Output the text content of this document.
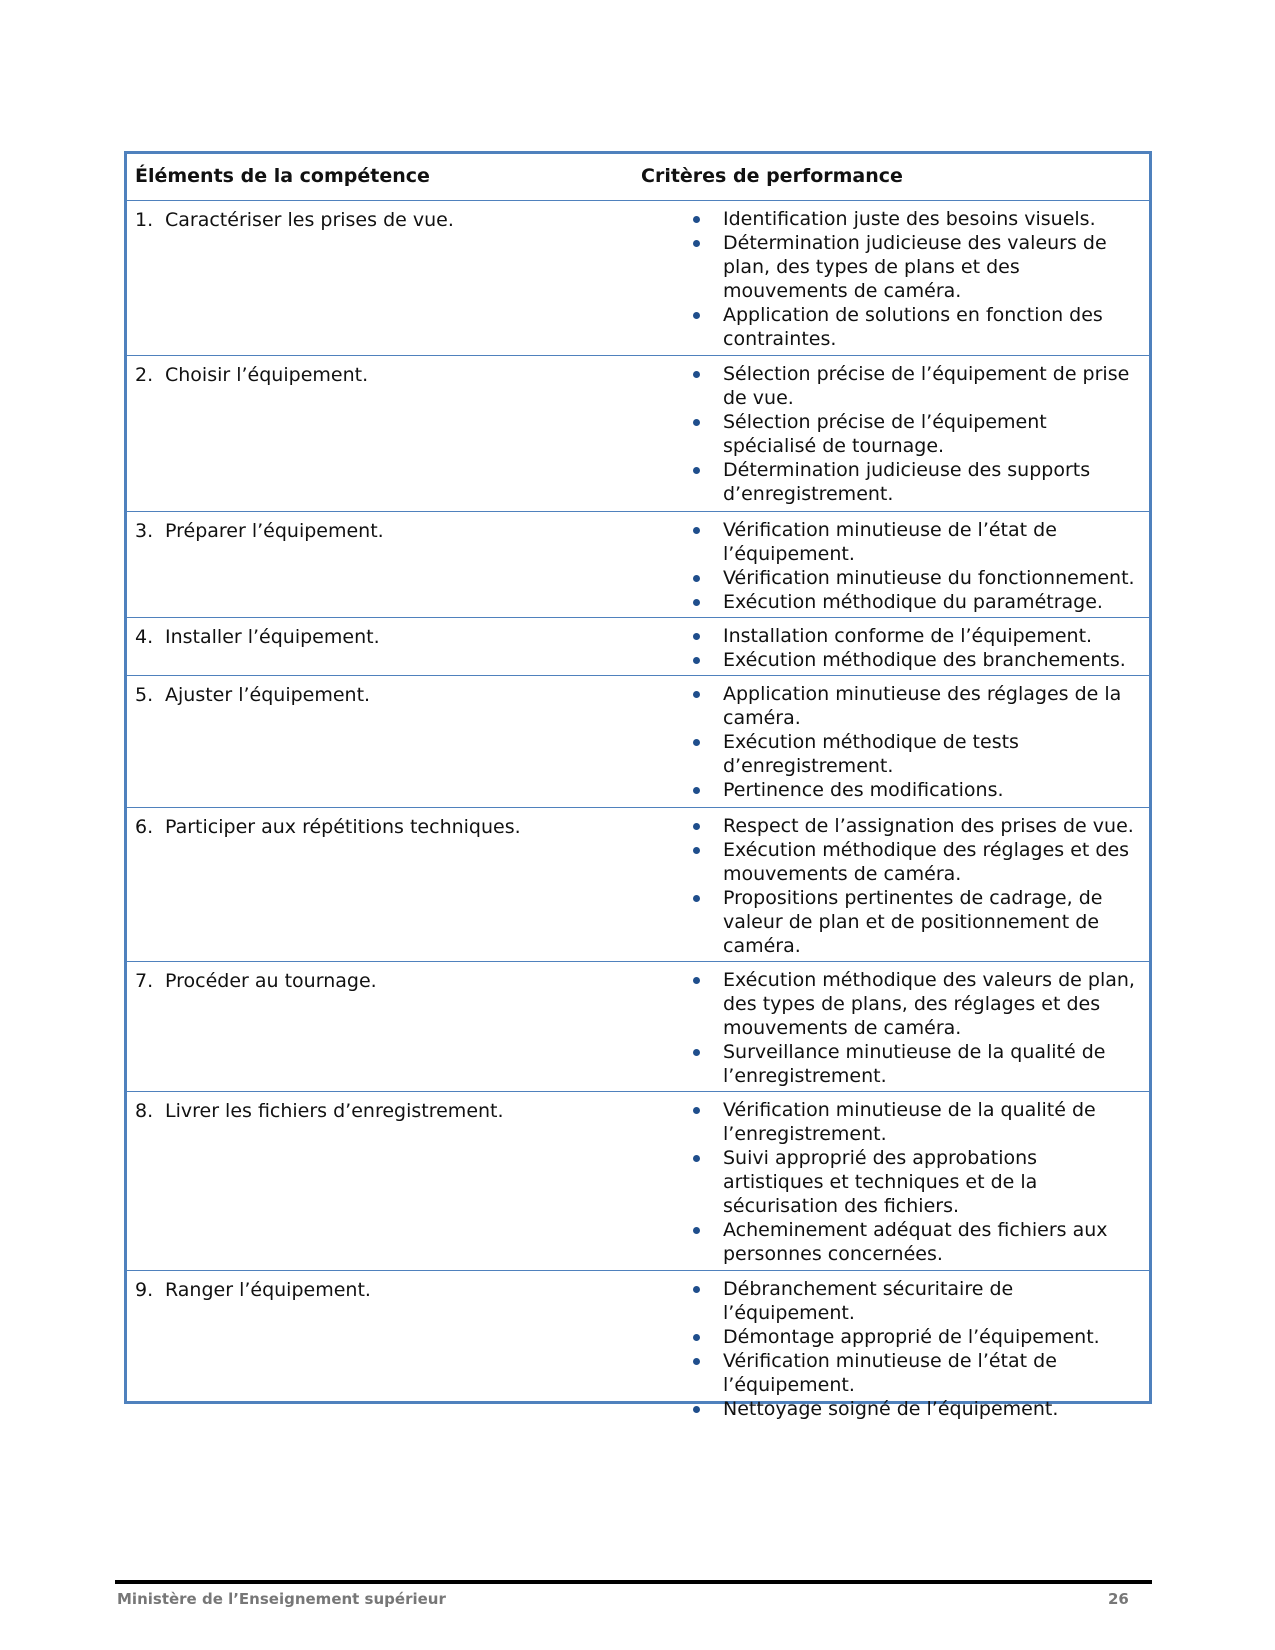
Éléments de la compétence	Critères de performance
1. Caractériser les prises de vue.	Identification juste des besoins visuels.
Détermination judicieuse des valeurs de plan, des types de plans et des mouvements de caméra.
Application de solutions en fonction des contraintes.
2. Choisir l’équipement.	Sélection précise de l’équipement de prise de vue.
Sélection précise de l’équipement spécialisé de tournage.
Détermination judicieuse des supports d’enregistrement.
3. Préparer l’équipement.	Vérification minutieuse de l’état de l’équipement.
Vérification minutieuse du fonctionnement.
Exécution méthodique du paramétrage.
4. Installer l’équipement.	Installation conforme de l’équipement.
Exécution méthodique des branchements.
5. Ajuster l’équipement.	Application minutieuse des réglages de la caméra.
Exécution méthodique de tests d’enregistrement.
Pertinence des modifications.
6. Participer aux répétitions techniques.	Respect de l’assignation des prises de vue.
Exécution méthodique des réglages et des mouvements de caméra.
Propositions pertinentes de cadrage, de valeur de plan et de positionnement de caméra.
7. Procéder au tournage.	Exécution méthodique des valeurs de plan, des types de plans, des réglages et des mouvements de caméra.
Surveillance minutieuse de la qualité de l’enregistrement.
8. Livrer les fichiers d’enregistrement.	Vérification minutieuse de la qualité de l’enregistrement.
Suivi approprié des approbations artistiques et techniques et de la sécurisation des fichiers.
Acheminement adéquat des fichiers aux personnes concernées.
9. Ranger l’équipement.	Débranchement sécuritaire de l’équipement.
Démontage approprié de l’équipement.
Vérification minutieuse de l’état de l’équipement.
Nettoyage soigné de l’équipement.
Ministère de l’Enseignement supérieur	26
